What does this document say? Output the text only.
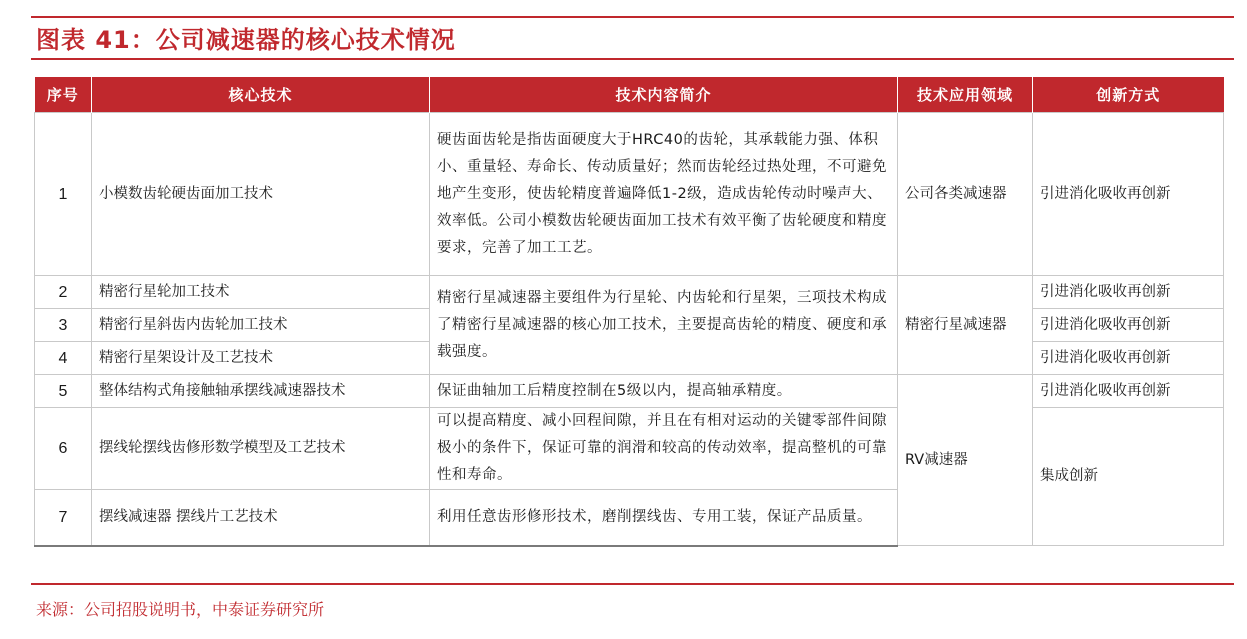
图表 41：公司减速器的核心技术情况
序号	核心技术	技术内容简介	技术应用领域	创新方式
1	小模数齿轮硬齿面加工技术	硬齿面齿轮是指齿面硬度大于HRC40的齿轮，其承载能力强、体积小、重量轻、寿命长、传动质量好；然而齿轮经过热处理，不可避免地产生变形，使齿轮精度普遍降低1-2级，造成齿轮传动时噪声大、效率低。公司小模数齿轮硬齿面加工技术有效平衡了齿轮硬度和精度要求，完善了加工工艺。	公司各类减速器	引进消化吸收再创新
2	精密行星轮加工技术	精密行星减速器主要组件为行星轮、内齿轮和行星架，三项技术构成了精密行星减速器的核心加工技术，主要提高齿轮的精度、硬度和承载强度。	精密行星减速器	引进消化吸收再创新
3	精密行星斜齿内齿轮加工技术			引进消化吸收再创新
4	精密行星架设计及工艺技术			引进消化吸收再创新
5	整体结构式角接触轴承摆线减速器技术	保证曲轴加工后精度控制在5级以内，提高轴承精度。	RV减速器	引进消化吸收再创新
6	摆线轮摆线齿修形数学模型及工艺技术	可以提高精度、减小回程间隙，并且在有相对运动的关键零部件间隙极小的条件下，保证可靠的润滑和较高的传动效率，提高整机的可靠性和寿命。		集成创新
7	摆线减速器 摆线片工艺技术	利用任意齿形修形技术，磨削摆线齿、专用工装，保证产品质量。		
来源：公司招股说明书，中泰证券研究所
